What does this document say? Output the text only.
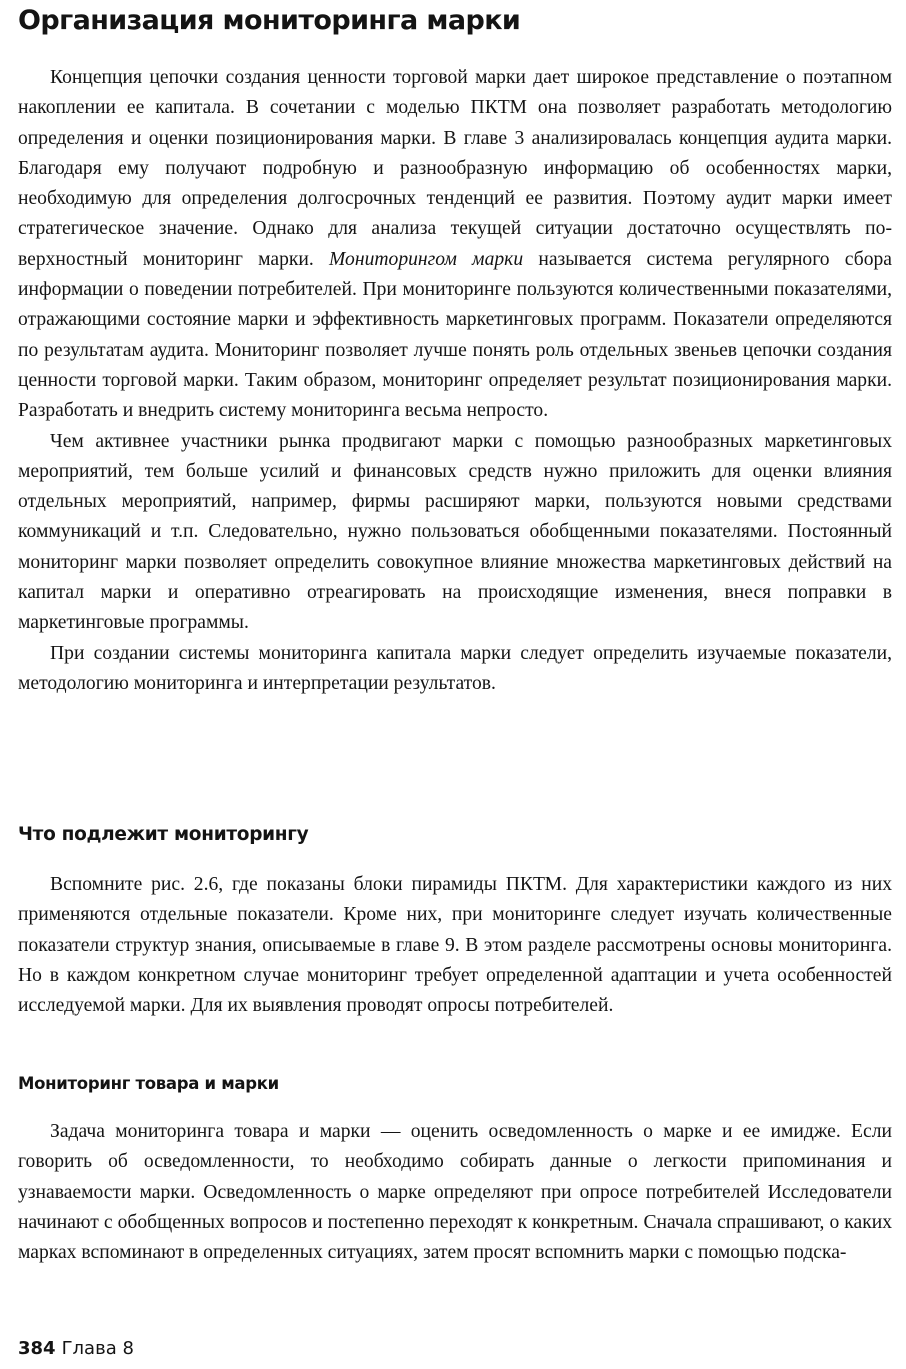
Организация мониторинга марки

Концепция цепочки создания ценности торговой марки дает широкое представление о поэтапном накоплении ее капитала. В сочетании с моделью ПКТМ она позволяет разработать методологию определения и оценки позиционирования марки. В главе 3 анализировалась концепция аудита марки. Благодаря ему получают подробную и разнообразную информацию об особенностях марки, необходимую для определения долгосрочных тенденций ее развития. Поэтому аудит марки имеет стратегическое значение. Однако для анализа текущей ситуации достаточно осуществлять поверхностный мониторинг марки. Мониторингом марки называется система регулярного сбора информации о поведении потребителей. При мониторинге пользуются количественными показателями, отражающими состояние марки и эффективность маркетинговых программ. Показатели определяются по результатам аудита. Мониторинг позволяет лучше понять роль отдельных звеньев цепочки создания ценности торговой марки. Таким образом, мониторинг определяет результат позиционирования марки. Разработать и внедрить систему мониторинга весьма непросто.

Чем активнее участники рынка продвигают марки с помощью разнообразных маркетинговых мероприятий, тем больше усилий и финансовых средств нужно приложить для оценки влияния отдельных мероприятий, например, фирмы расширяют марки, пользуются новыми средствами коммуникаций и т.п. Следовательно, нужно пользоваться обобщенными показателями. Постоянный мониторинг марки позволяет определить совокупное влияние множества маркетинговых действий на капитал марки и оперативно отреагировать на происходящие изменения, внеся поправки в маркетинговые программы.

При создании системы мониторинга капитала марки следует определить изучаемые показатели, методологию мониторинга и интерпретации результатов.

Что подлежит мониторингу

Вспомните рис. 2.6, где показаны блоки пирамиды ПКТМ. Для характеристики каждого из них применяются отдельные показатели. Кроме них, при мониторинге следует изучать количественные показатели структур знания, описываемые в главе 9. В этом разделе рассмотрены основы мониторинга. Но в каждом конкретном случае мониторинг требует определенной адаптации и учета особенностей исследуемой марки. Для их выявления проводят опросы потребителей.

Мониторинг товара и марки

Задача мониторинга товара и марки — оценить осведомленность о марке и ее имидже. Если говорить об осведомленности, то необходимо собирать данные о легкости припоминания и узнаваемости марки. Осведомленность о марке определяют при опросе потребителей Исследователи начинают с обобщенных вопросов и постепенно переходят к конкретным. Сначала спрашивают, о каких марках вспоминают в определенных ситуациях, затем просят вспомнить марки с помощью подска-

384 Глава 8
